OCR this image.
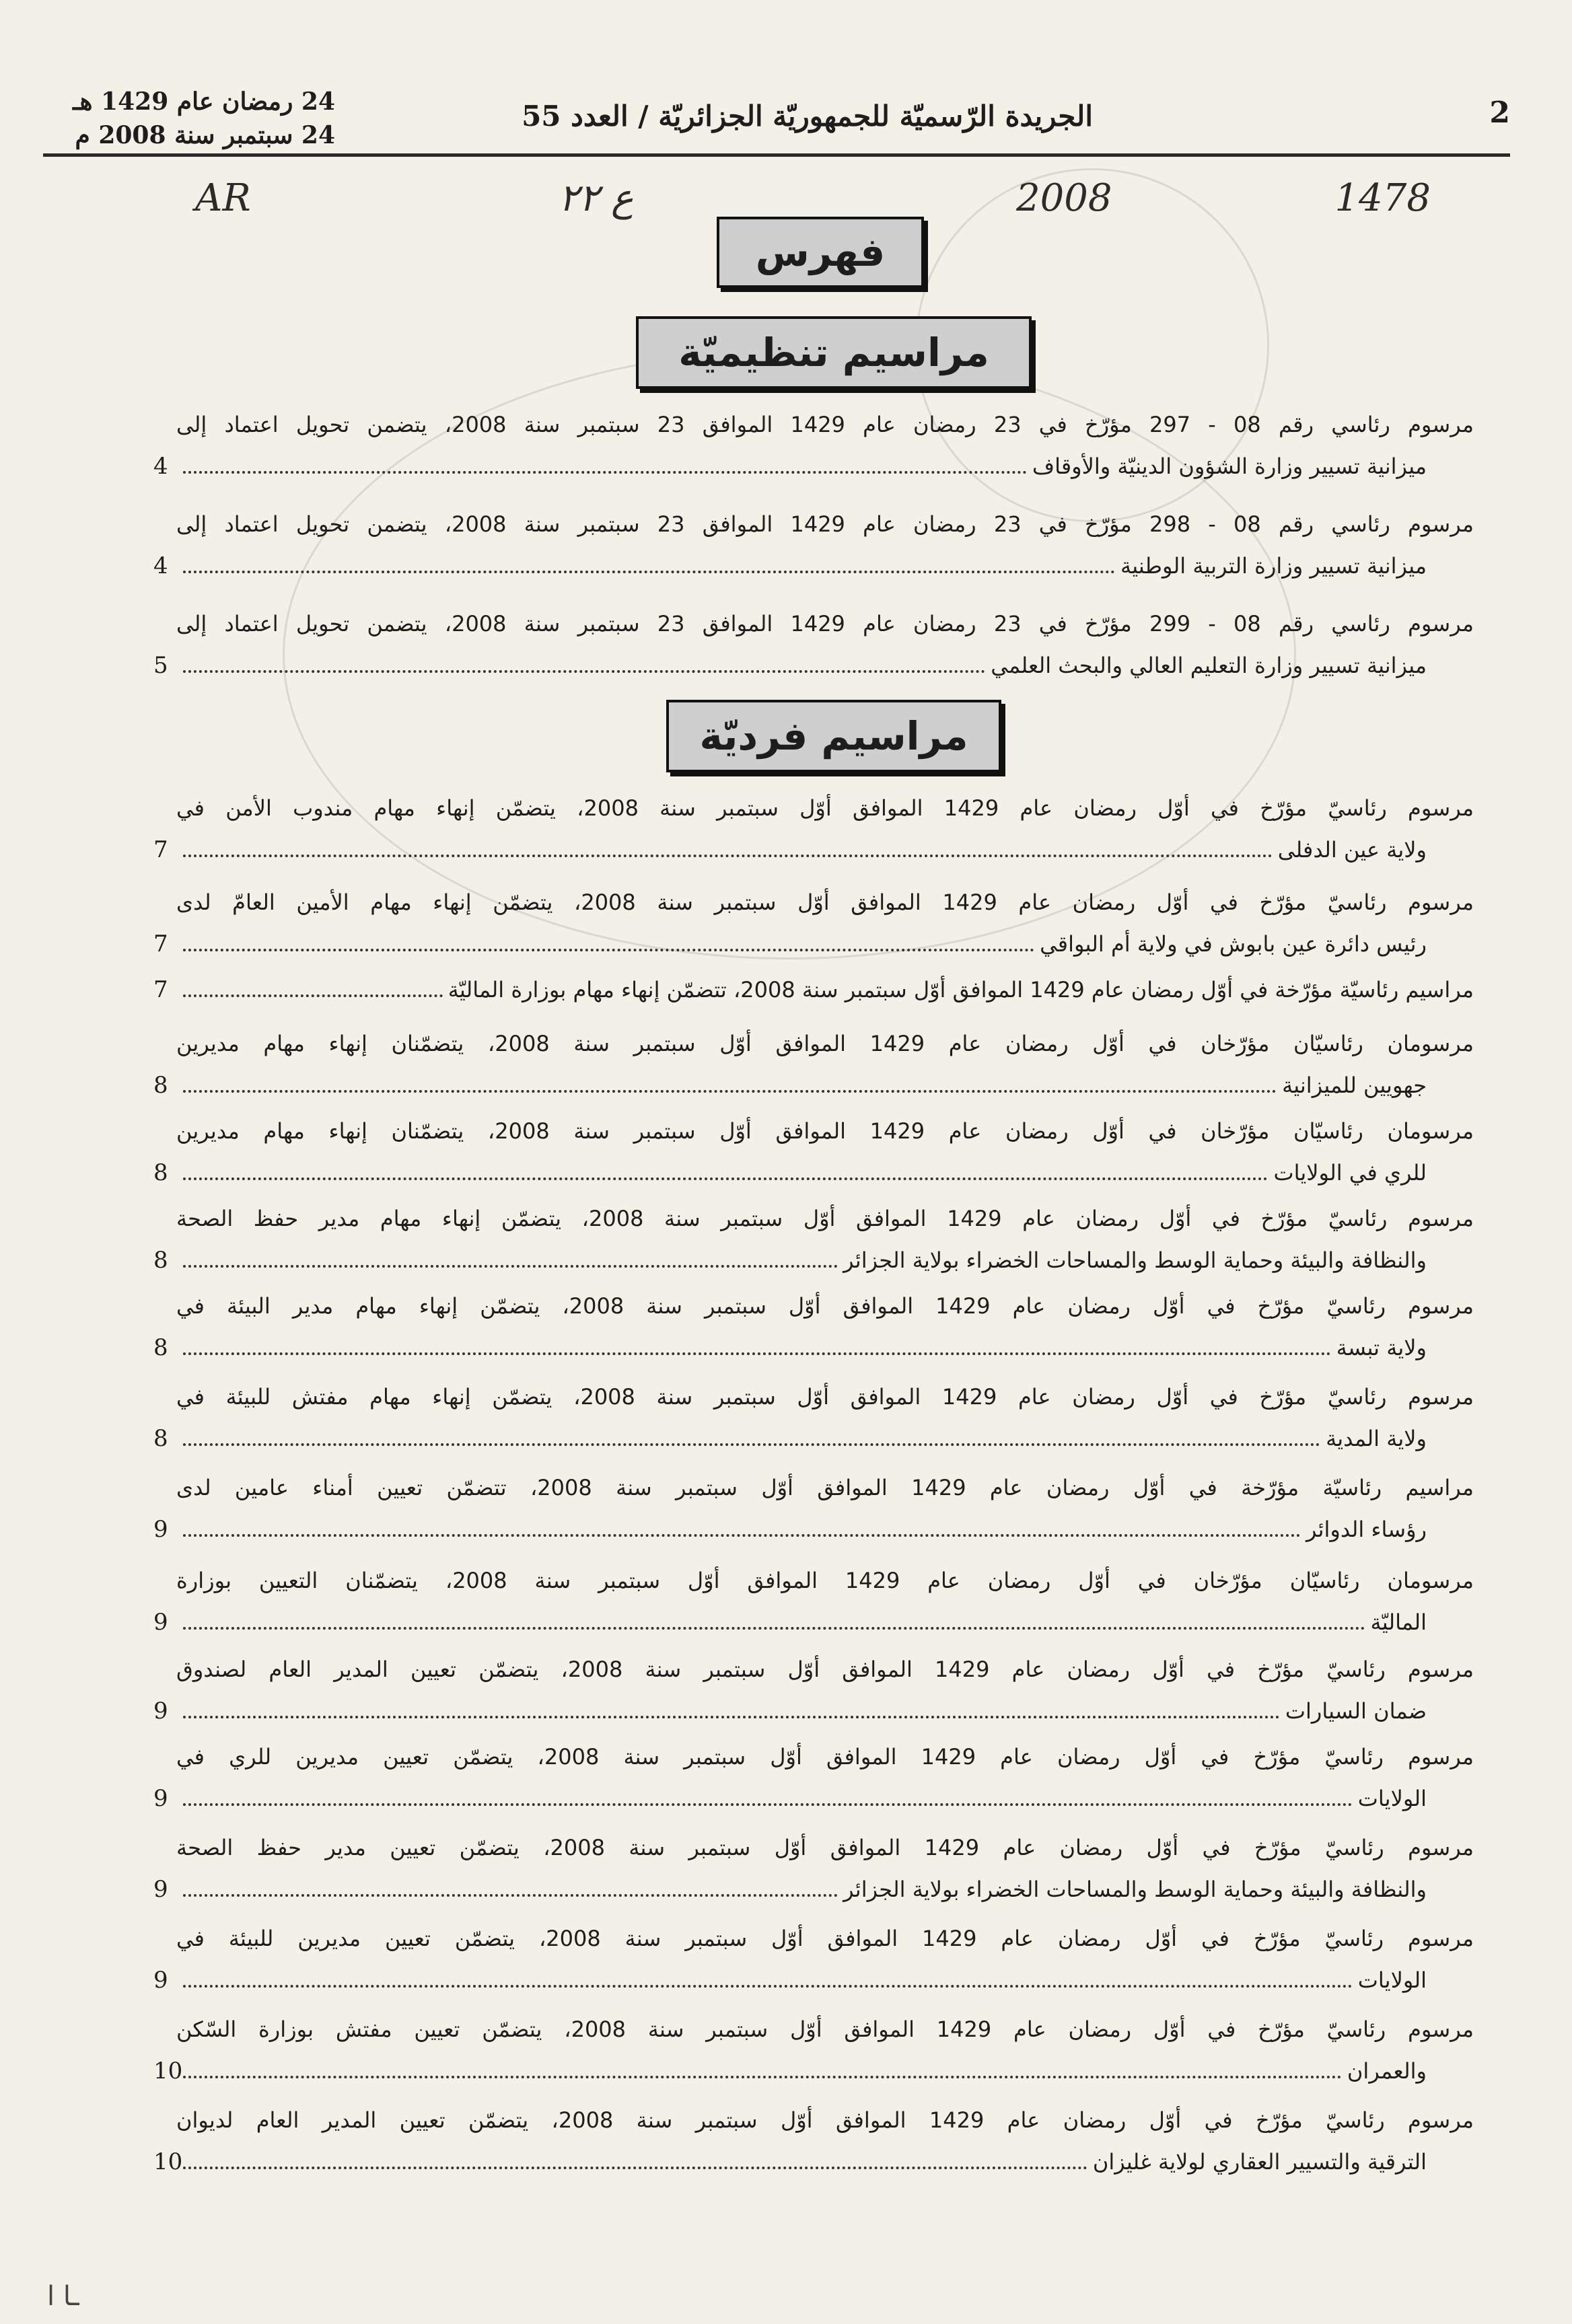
2
الجريدة الرّسميّة للجمهوريّة الجزائريّة / العدد 55
24 رمضان عام 1429 هـ
24 سبتمبر سنة 2008 م
1478
2008
ع ٢٢
AR
فهرس
مراسيم تنظيميّة
مراسيم فرديّة
مرسوم رئاسي رقم 08 - 297 مؤرّخ في 23 رمضان عام 1429 الموافق 23 سبتمبر سنة 2008، يتضمن تحويل اعتماد إلى
ميزانية تسيير وزارة الشؤون الدينيّة والأوقاف
4
مرسوم رئاسي رقم 08 - 298 مؤرّخ في 23 رمضان عام 1429 الموافق 23 سبتمبر سنة 2008، يتضمن تحويل اعتماد إلى
ميزانية تسيير وزارة التربية الوطنية
4
مرسوم رئاسي رقم 08 - 299 مؤرّخ في 23 رمضان عام 1429 الموافق 23 سبتمبر سنة 2008، يتضمن تحويل اعتماد إلى
ميزانية تسيير وزارة التعليم العالي والبحث العلمي
5
مرسوم رئاسيّ مؤرّخ في أوّل رمضان عام 1429 الموافق أوّل سبتمبر سنة 2008، يتضمّن إنهاء مهام مندوب الأمن في
ولاية عين الدفلى
7
مرسوم رئاسيّ مؤرّخ في أوّل رمضان عام 1429 الموافق أوّل سبتمبر سنة 2008، يتضمّن إنهاء مهام الأمين العامّ لدى
رئيس دائرة عين بابوش في ولاية أم البواقي
7
مراسيم رئاسيّة مؤرّخة في أوّل رمضان عام 1429 الموافق أوّل سبتمبر سنة 2008، تتضمّن إنهاء مهام بوزارة الماليّة
7
مرسومان رئاسيّان مؤرّخان في أوّل رمضان عام 1429 الموافق أوّل سبتمبر سنة 2008، يتضمّنان إنهاء مهام مديرين
جهويين للميزانية
8
مرسومان رئاسيّان مؤرّخان في أوّل رمضان عام 1429 الموافق أوّل سبتمبر سنة 2008، يتضمّنان إنهاء مهام مديرين
للري في الولايات
8
مرسوم رئاسيّ مؤرّخ في أوّل رمضان عام 1429 الموافق أوّل سبتمبر سنة 2008، يتضمّن إنهاء مهام مدير حفظ الصحة
والنظافة والبيئة وحماية الوسط والمساحات الخضراء بولاية الجزائر
8
مرسوم رئاسيّ مؤرّخ في أوّل رمضان عام 1429 الموافق أوّل سبتمبر سنة 2008، يتضمّن إنهاء مهام مدير البيئة في
ولاية تبسة
8
مرسوم رئاسيّ مؤرّخ في أوّل رمضان عام 1429 الموافق أوّل سبتمبر سنة 2008، يتضمّن إنهاء مهام مفتش للبيئة في
ولاية المدية
8
مراسيم رئاسيّة مؤرّخة في أوّل رمضان عام 1429 الموافق أوّل سبتمبر سنة 2008، تتضمّن تعيين أمناء عامين لدى
رؤساء الدوائر
9
مرسومان رئاسيّان مؤرّخان في أوّل رمضان عام 1429 الموافق أوّل سبتمبر سنة 2008، يتضمّنان التعيين بوزارة
الماليّة
9
مرسوم رئاسيّ مؤرّخ في أوّل رمضان عام 1429 الموافق أوّل سبتمبر سنة 2008، يتضمّن تعيين المدير العام لصندوق
ضمان السيارات
9
مرسوم رئاسيّ مؤرّخ في أوّل رمضان عام 1429 الموافق أوّل سبتمبر سنة 2008، يتضمّن تعيين مديرين للري في
الولايات
9
مرسوم رئاسيّ مؤرّخ في أوّل رمضان عام 1429 الموافق أوّل سبتمبر سنة 2008، يتضمّن تعيين مدير حفظ الصحة
والنظافة والبيئة وحماية الوسط والمساحات الخضراء بولاية الجزائر
9
مرسوم رئاسيّ مؤرّخ في أوّل رمضان عام 1429 الموافق أوّل سبتمبر سنة 2008، يتضمّن تعيين مديرين للبيئة في
الولايات
9
مرسوم رئاسيّ مؤرّخ في أوّل رمضان عام 1429 الموافق أوّل سبتمبر سنة 2008، يتضمّن تعيين مفتش بوزارة السّكن
والعمران
10
مرسوم رئاسيّ مؤرّخ في أوّل رمضان عام 1429 الموافق أوّل سبتمبر سنة 2008، يتضمّن تعيين المدير العام لديوان
الترقية والتسيير العقاري لولاية غليزان
10
ـا ا
